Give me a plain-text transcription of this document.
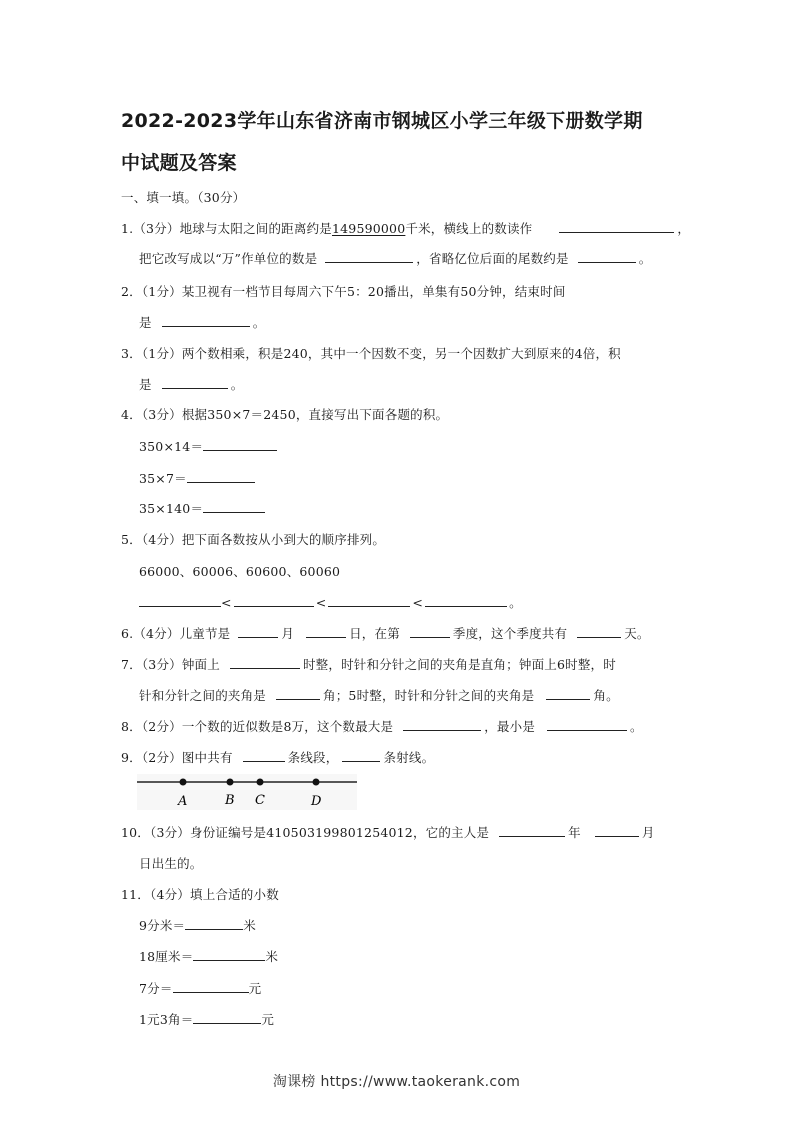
2022-2023学年山东省济南市钢城区小学三年级下册数学期
中试题及答案
一、填一填。（30分）
1.（3分）地球与太阳之间的距离约是149590000千米，横线上的数读作	，
把它改写成以“万”作单位的数是	，省略亿位后面的尾数约是	。
2．（1分）某卫视有一档节目每周六下午5：20播出，单集有50分钟，结束时间
是	。
3．（1分）两个数相乘，积是240，其中一个因数不变，另一个因数扩大到原来的4倍，积
是	。
4．（3分）根据350×7＝2450，直接写出下面各题的积。
350×14＝
35×7＝
35×140＝
5．（4分）把下面各数按从小到大的顺序排列。
66000、60006、60600、60060
<	<	<	。
6.（4分）儿童节是	月	日，在第	季度，这个季度共有	天。
7．（3分）钟面上	时整，时针和分针之间的夹角是直角；钟面上6时整，时
针和分针之间的夹角是	角；5时整，时针和分针之间的夹角是	角。
8．（2分）一个数的近似数是8万，这个数最大是	，最小是	。
9．（2分）图中共有	条线段，	条射线。
A	B C	D
10．（3分）身份证编号是410503199801254012，它的主人是	年	月
日出生的。
11．（4分）填上合适的小数
9分米＝	米
18厘米＝	米
7分＝	元
1元3角＝	元
淘课榜 https://www.taokerank.com
